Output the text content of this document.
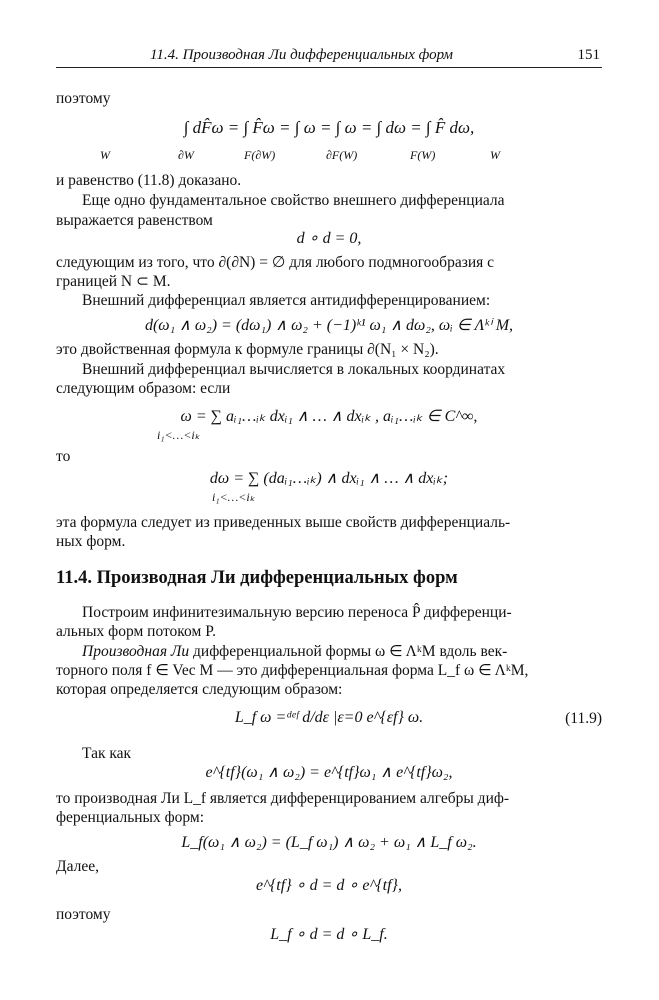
11.4. Производная Ли дифференциальных форм	151
поэтому
∫ dF̂ω = ∫ F̂ω = ∫ ω = ∫ ω = ∫ dω = ∫ F̂ dω,
W	∂W	F(∂W)	∂F(W)	F(W)	W
и равенство (11.8) доказано.
Еще одно фундаментальное свойство внешнего дифференциала
выражается равенством
d ∘ d = 0,
следующим из того, что ∂(∂N) = ∅ для любого подмногообразия с
границей N ⊂ M.
Внешний дифференциал является антидифференцированием:
d(ω₁ ∧ ω₂) = (dω₁) ∧ ω₂ + (−1)ᵏ¹ ω₁ ∧ dω₂, ωᵢ ∈ Λᵏⁱ M,
это двойственная формула к формуле границы ∂(N₁ × N₂).
Внешний дифференциал вычисляется в локальных координатах
следующим образом: если
ω = ∑ aᵢ₁…ᵢₖ dxᵢ₁ ∧ … ∧ dxᵢₖ , aᵢ₁…ᵢₖ ∈ C^∞,
i₁<…<iₖ
то
dω = ∑ (daᵢ₁…ᵢₖ) ∧ dxᵢ₁ ∧ … ∧ dxᵢₖ;
i₁<…<iₖ
эта формула следует из приведенных выше свойств дифференциаль-
ных форм.
11.4. Производная Ли дифференциальных форм
Построим инфинитезимальную версию переноса P̂ дифференци-
альных форм потоком P.
Производная Ли дифференциальной формы ω ∈ ΛᵏM вдоль век-
торного поля f ∈ Vec M — это дифференциальная форма L_f ω ∈ ΛᵏM,
которая определяется следующим образом:
L_f ω =ᵈᵉᶠ d/dε |ε=0 e^{εf} ω.	(11.9)
Так как
e^{tf}(ω₁ ∧ ω₂) = e^{tf}ω₁ ∧ e^{tf}ω₂,
то производная Ли L_f является дифференцированием алгебры диф-
ференциальных форм:
L_f(ω₁ ∧ ω₂) = (L_f ω₁) ∧ ω₂ + ω₁ ∧ L_f ω₂.
Далее,
e^{tf} ∘ d = d ∘ e^{tf},
поэтому
L_f ∘ d = d ∘ L_f.
